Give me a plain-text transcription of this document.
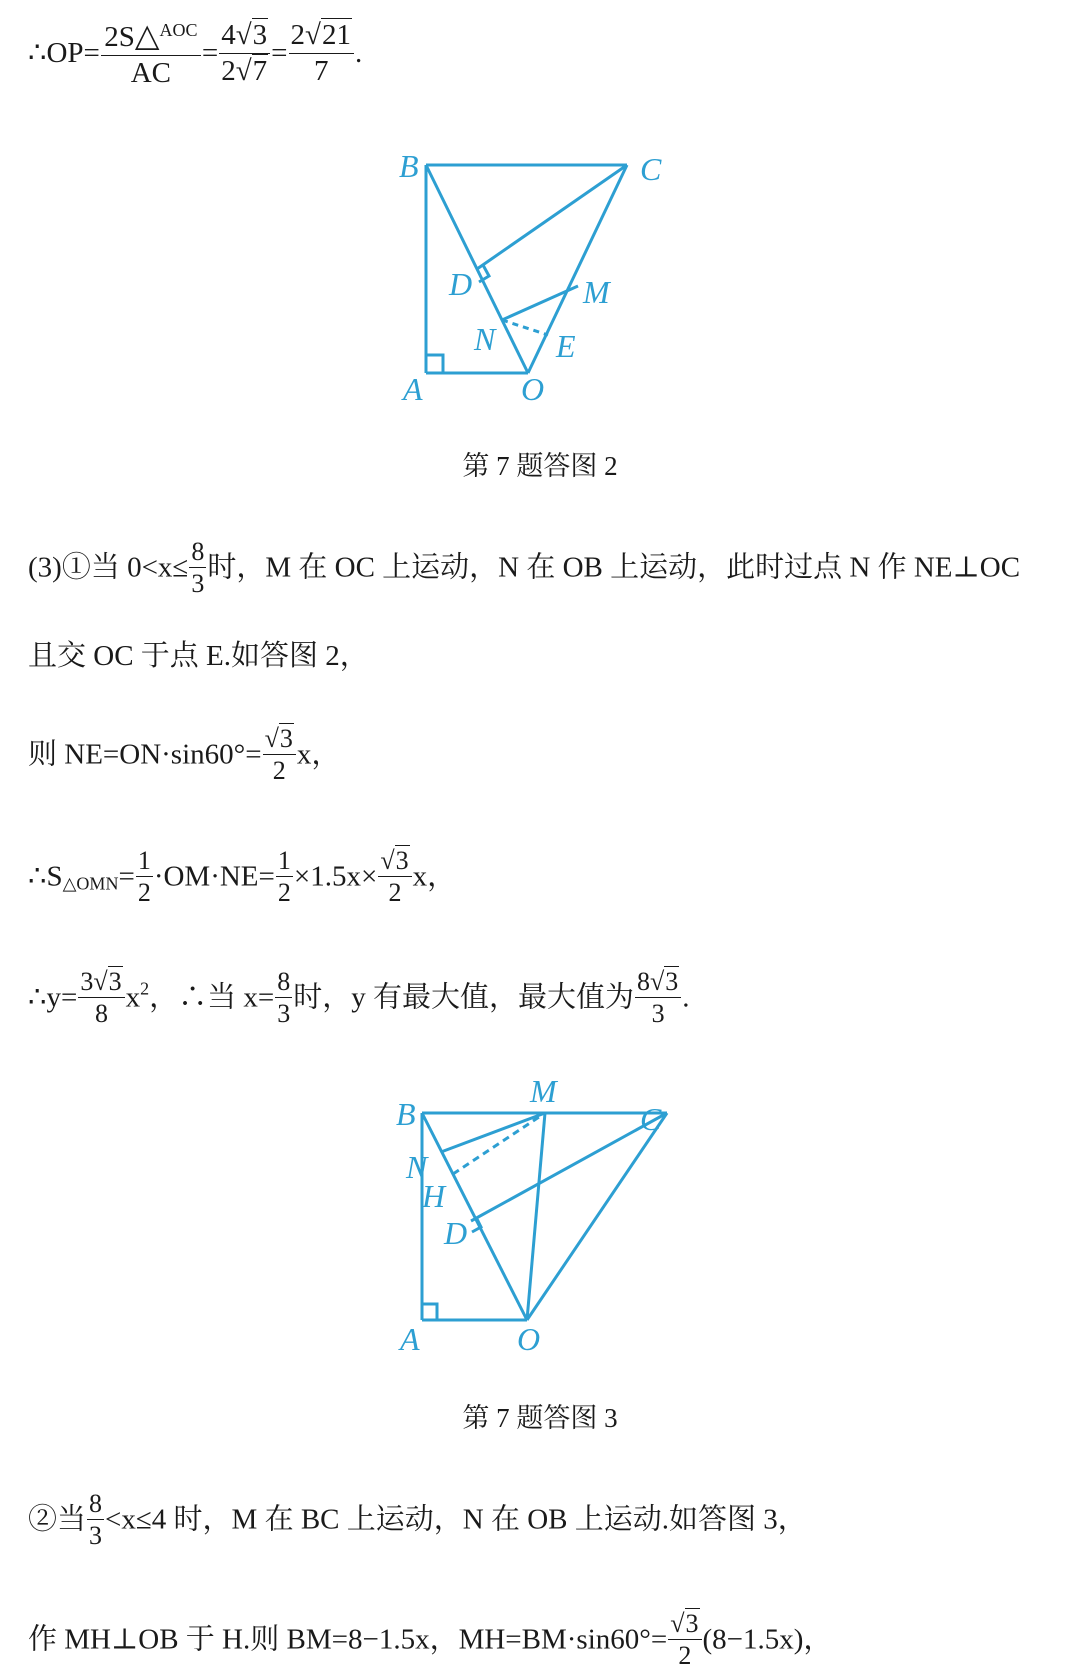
∴OP= $\frac{2S\triangle^{AOC}}{AC} = \frac{4√3}{2√7} = \frac{2√21}{7}$ .
B	C
D	M
N E
A	O
第 7 题答图 2
(3)①当 $0<x\le \frac{8}{3}$ 时，M 在 OC 上运动，N 在 OB 上运动，此时过点 N 作 NE⊥OC
且交 OC 于点 E.如答图 2，
则 $NE=ON\cdot\sin 60^\circ= \frac{√3}{2}$ x，
$\therefore S_{\triangle OMN}= \frac{1}{2} \cdot OM\cdot NE= \frac{1}{2} \times 1.5x\times \frac{√3}{2}$ x，
∴y= $\frac{3√3}{8} x^2$，∴当 $x= \frac{8}{3}$ 时，y 有最大值，最大值为 $\frac{8√3}{3}$ .
B
M
C
N
H
D
A	O
第 7 题答图 3
②当 $\frac{8}{3} <x\le 4$ 时，M 在 BC 上运动，N 在 OB 上运动.如答图 3，
作 MH⊥OB 于 H.则 BM=8−1.5x，$MH=BM\cdot\sin 60^\circ= \frac{√3}{2} (8-1.5x)$，
